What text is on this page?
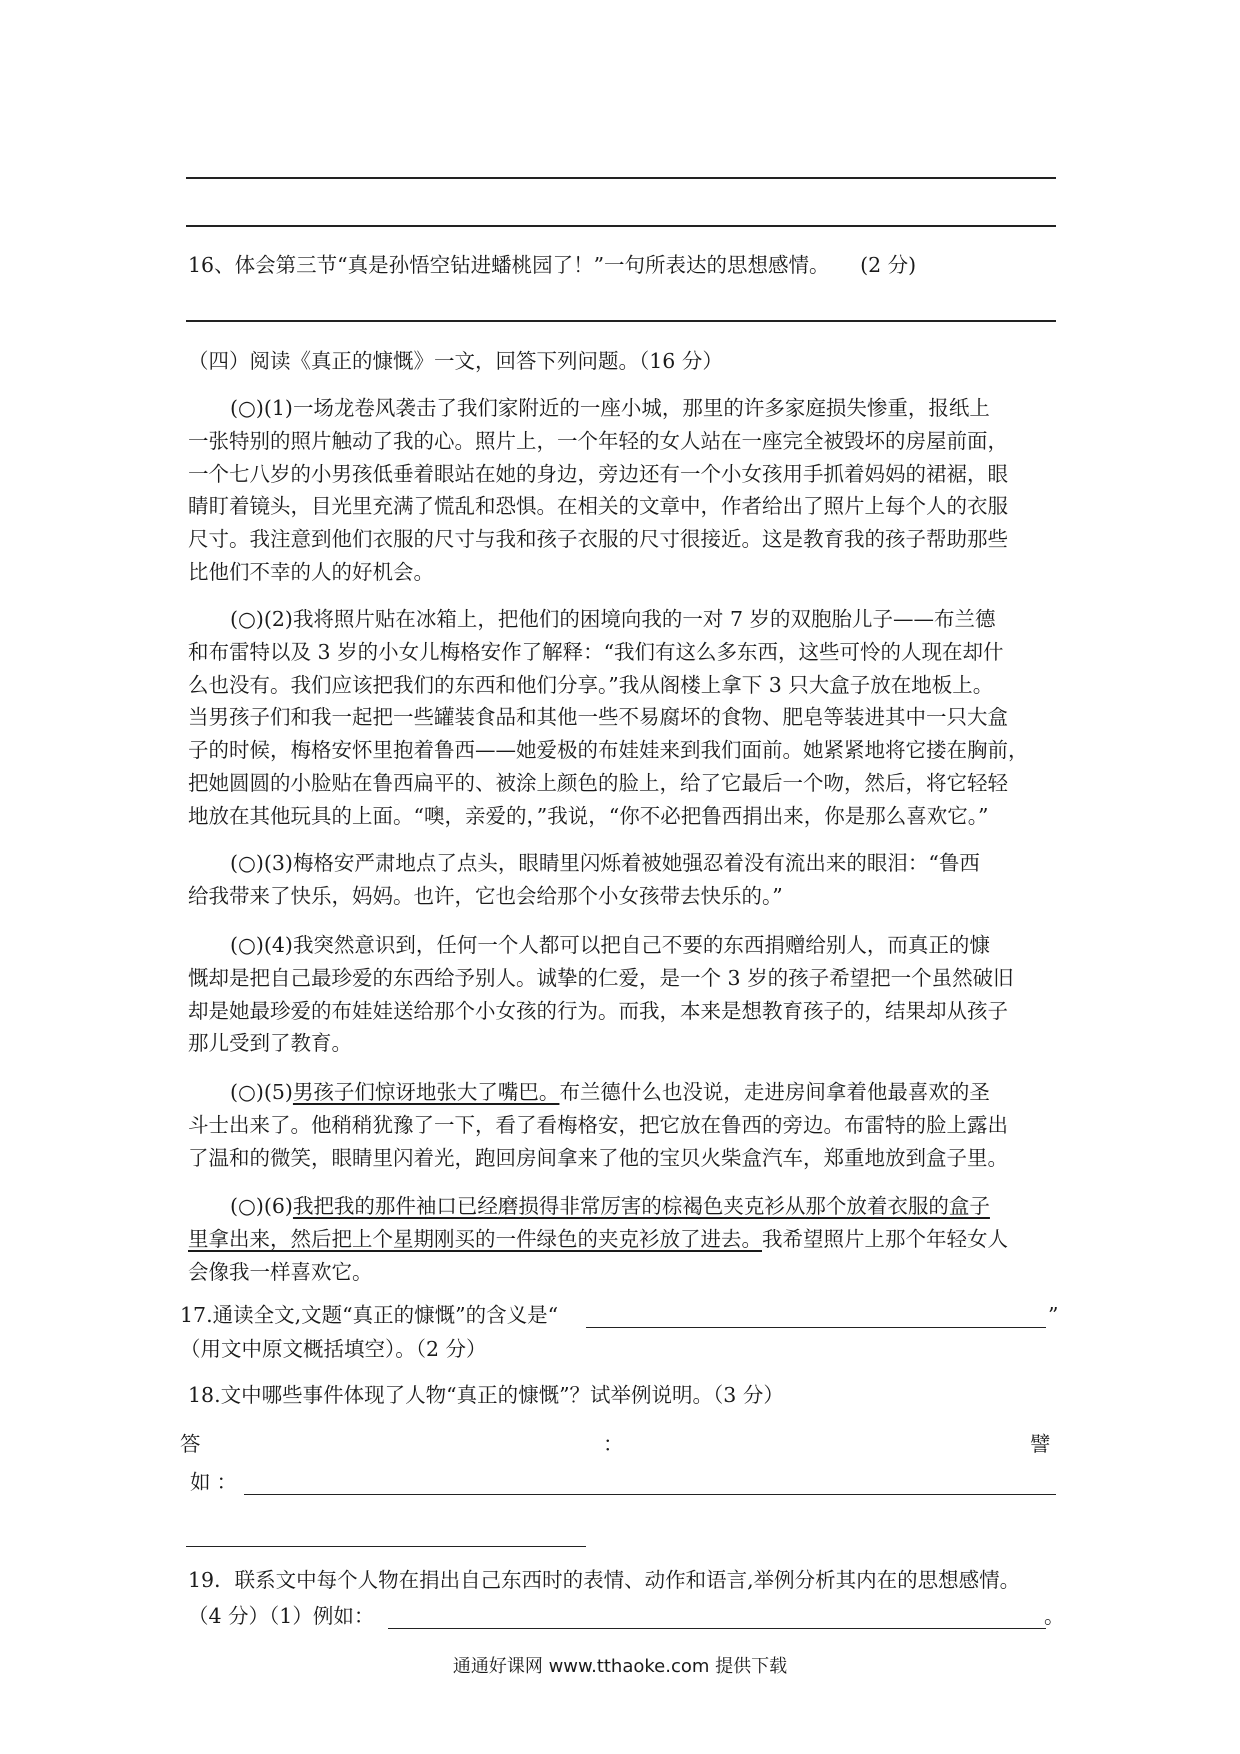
16、体会第三节“真是孙悟空钻进蟠桃园了！”一句所表达的思想感情。 (2 分)
（四）阅读《真正的慷慨》一文，回答下列问题。（16 分）

(○)(1)一场龙卷风袭击了我们家附近的一座小城，那里的许多家庭损失惨重，报纸上

一张特别的照片触动了我的心。照片上，一个年轻的女人站在一座完全被毁坏的房屋前面，

一个七八岁的小男孩低垂着眼站在她的身边，旁边还有一个小女孩用手抓着妈妈的裙裾，眼

睛盯着镜头，目光里充满了慌乱和恐惧。在相关的文章中，作者给出了照片上每个人的衣服

尺寸。我注意到他们衣服的尺寸与我和孩子衣服的尺寸很接近。这是教育我的孩子帮助那些

比他们不幸的人的好机会。

(○)(2)我将照片贴在冰箱上，把他们的困境向我的一对 7 岁的双胞胎儿子——布兰德

和布雷特以及 3 岁的小女儿梅格安作了解释：“我们有这么多东西，这些可怜的人现在却什

么也没有。我们应该把我们的东西和他们分享。”我从阁楼上拿下 3 只大盒子放在地板上。

当男孩子们和我一起把一些罐装食品和其他一些不易腐坏的食物、肥皂等装进其中一只大盒

子的时候，梅格安怀里抱着鲁西——她爱极的布娃娃来到我们面前。她紧紧地将它搂在胸前，

把她圆圆的小脸贴在鲁西扁平的、被涂上颜色的脸上，给了它最后一个吻，然后，将它轻轻

地放在其他玩具的上面。“噢，亲爱的，”我说，“你不必把鲁西捐出来，你是那么喜欢它。”

(○)(3)梅格安严肃地点了点头，眼睛里闪烁着被她强忍着没有流出来的眼泪：“鲁西

给我带来了快乐，妈妈。也许，它也会给那个小女孩带去快乐的。”

(○)(4)我突然意识到，任何一个人都可以把自己不要的东西捐赠给别人，而真正的慷

慨却是把自己最珍爱的东西给予别人。诚挚的仁爱，是一个 3 岁的孩子希望把一个虽然破旧

却是她最珍爱的布娃娃送给那个小女孩的行为。而我，本来是想教育孩子的，结果却从孩子

那儿受到了教育。

(○)(5)男孩子们惊讶地张大了嘴巴。布兰德什么也没说，走进房间拿着他最喜欢的圣

斗士出来了。他稍稍犹豫了一下，看了看梅格安，把它放在鲁西的旁边。布雷特的脸上露出

了温和的微笑，眼睛里闪着光，跑回房间拿来了他的宝贝火柴盒汽车，郑重地放到盒子里。

(○)(6)我把我的那件袖口已经磨损得非常厉害的棕褐色夹克衫从那个放着衣服的盒子

里拿出来，然后把上个星期刚买的一件绿色的夹克衫放了进去。我希望照片上那个年轻女人

会像我一样喜欢它。

17.通读全文,文题“真正的慷慨”的含义是“	”
（用文中原文概括填空）。（2 分）
18.文中哪些事件体现了人物“真正的慷慨”？试举例说明。（3 分）
答	：	譬
如：
19．联系文中每个人物在捐出自己东西时的表情、动作和语言,举例分析其内在的思想感情。
（4 分）（1）例如：	。
通通好课网 www.tthaoke.com 提供下载
